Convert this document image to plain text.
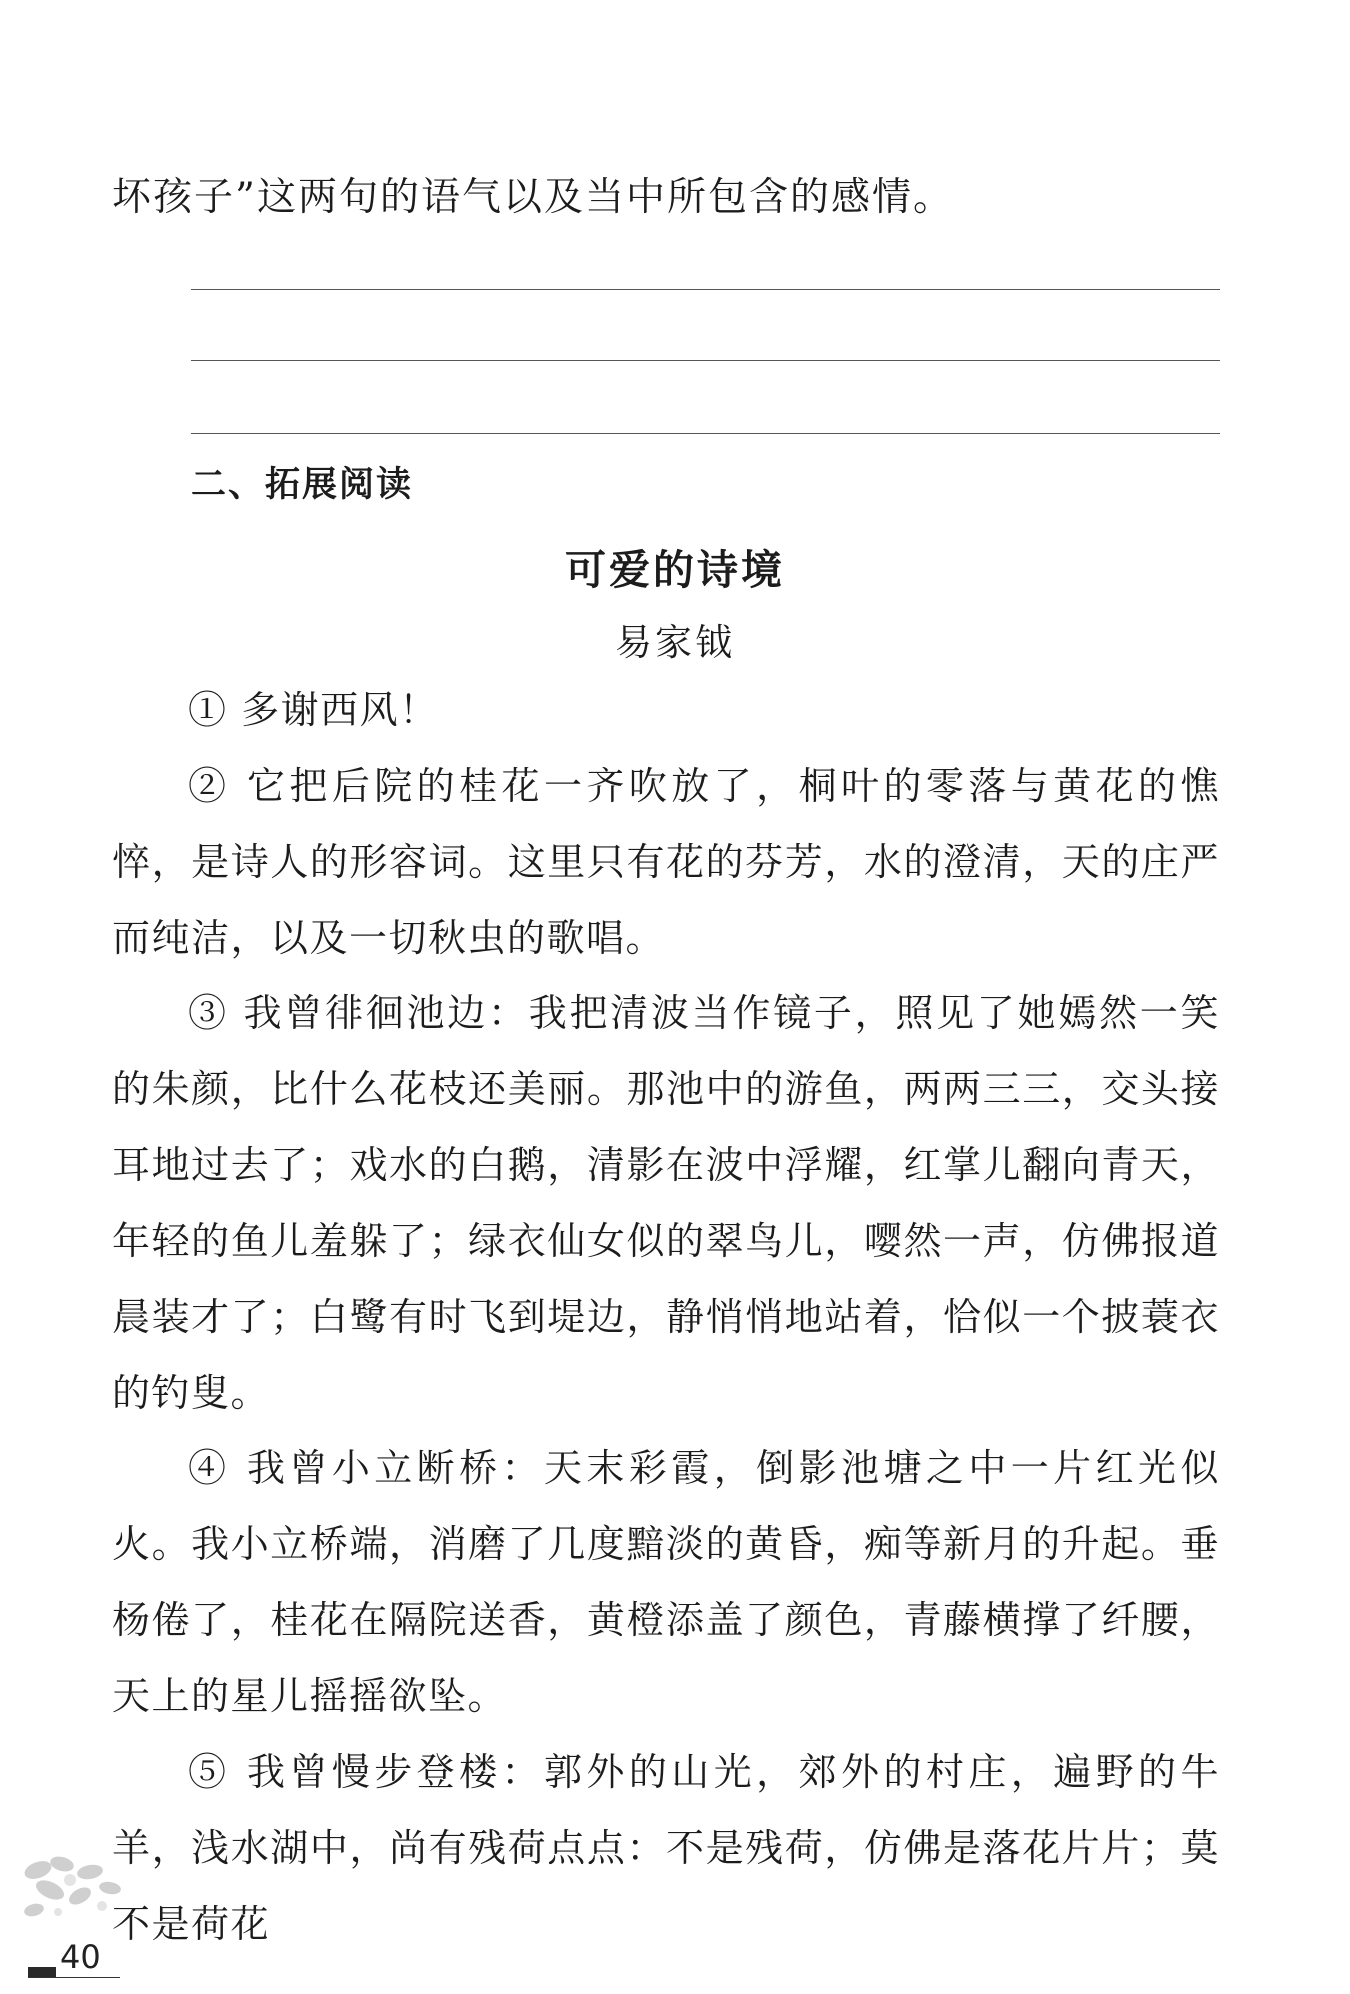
坏孩子”这两句的语气以及当中所包含的感情。
二、拓展阅读
可爱的诗境
易家钺

① 多谢西风！

② 它把后院的桂花一齐吹放了，桐叶的零落与黄花的憔悴，是诗人的形容词。这里只有花的芬芳，水的澄清，天的庄严而纯洁，以及一切秋虫的歌唱。

③ 我曾徘徊池边：我把清波当作镜子，照见了她嫣然一笑的朱颜，比什么花枝还美丽。那池中的游鱼，两两三三，交头接耳地过去了；戏水的白鹅，清影在波中浮耀，红掌儿翻向青天，年轻的鱼儿羞躲了；绿衣仙女似的翠鸟儿，嘤然一声，仿佛报道晨装才了；白鹭有时飞到堤边，静悄悄地站着，恰似一个披蓑衣的钓叟。

④ 我曾小立断桥：天末彩霞，倒影池塘之中一片红光似火。我小立桥端，消磨了几度黯淡的黄昏，痴等新月的升起。垂杨倦了，桂花在隔院送香，黄橙添盖了颜色，青藤横撑了纤腰，天上的星儿摇摇欲坠。

⑤ 我曾慢步登楼：郭外的山光，郊外的村庄，遍野的牛羊，浅水湖中，尚有残荷点点：不是残荷，仿佛是落花片片；莫不是荷花

40
